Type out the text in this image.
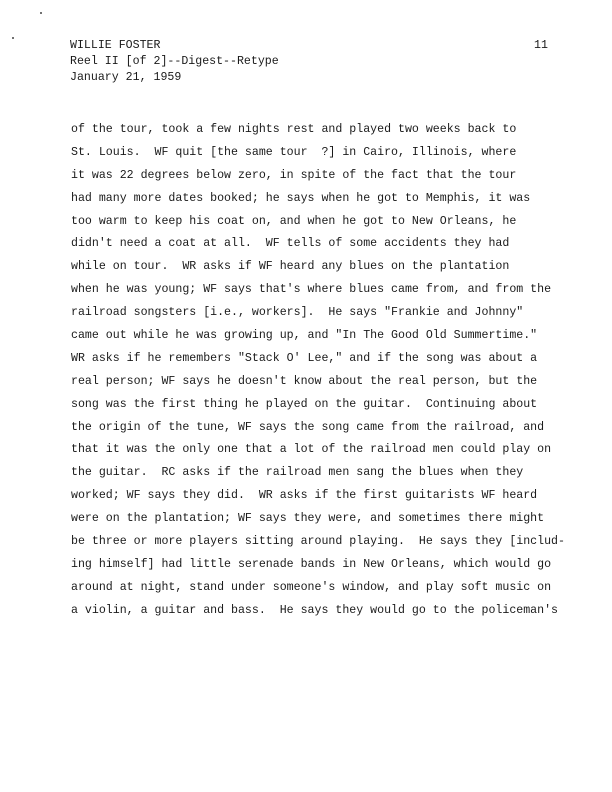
WILLIE FOSTER
Reel II [of 2]--Digest--Retype
January 21, 1959
11
of the tour, took a few nights rest and played two weeks back to
St. Louis.  WF quit [the same tour  ?] in Cairo, Illinois, where
it was 22 degrees below zero, in spite of the fact that the tour
had many more dates booked; he says when he got to Memphis, it was
too warm to keep his coat on, and when he got to New Orleans, he
didn't need a coat at all.  WF tells of some accidents they had
while on tour.  WR asks if WF heard any blues on the plantation
when he was young; WF says that's where blues came from, and from the
railroad songsters [i.e., workers].  He says "Frankie and Johnny"
came out while he was growing up, and "In The Good Old Summertime."
WR asks if he remembers "Stack O' Lee," and if the song was about a
real person; WF says he doesn't know about the real person, but the
song was the first thing he played on the guitar.  Continuing about
the origin of the tune, WF says the song came from the railroad, and
that it was the only one that a lot of the railroad men could play on
the guitar.  RC asks if the railroad men sang the blues when they
worked; WF says they did.  WR asks if the first guitarists WF heard
were on the plantation; WF says they were, and sometimes there might
be three or more players sitting around playing.  He says they [includ-
ing himself] had little serenade bands in New Orleans, which would go
around at night, stand under someone's window, and play soft music on
a violin, a guitar and bass.  He says they would go to the policeman's
